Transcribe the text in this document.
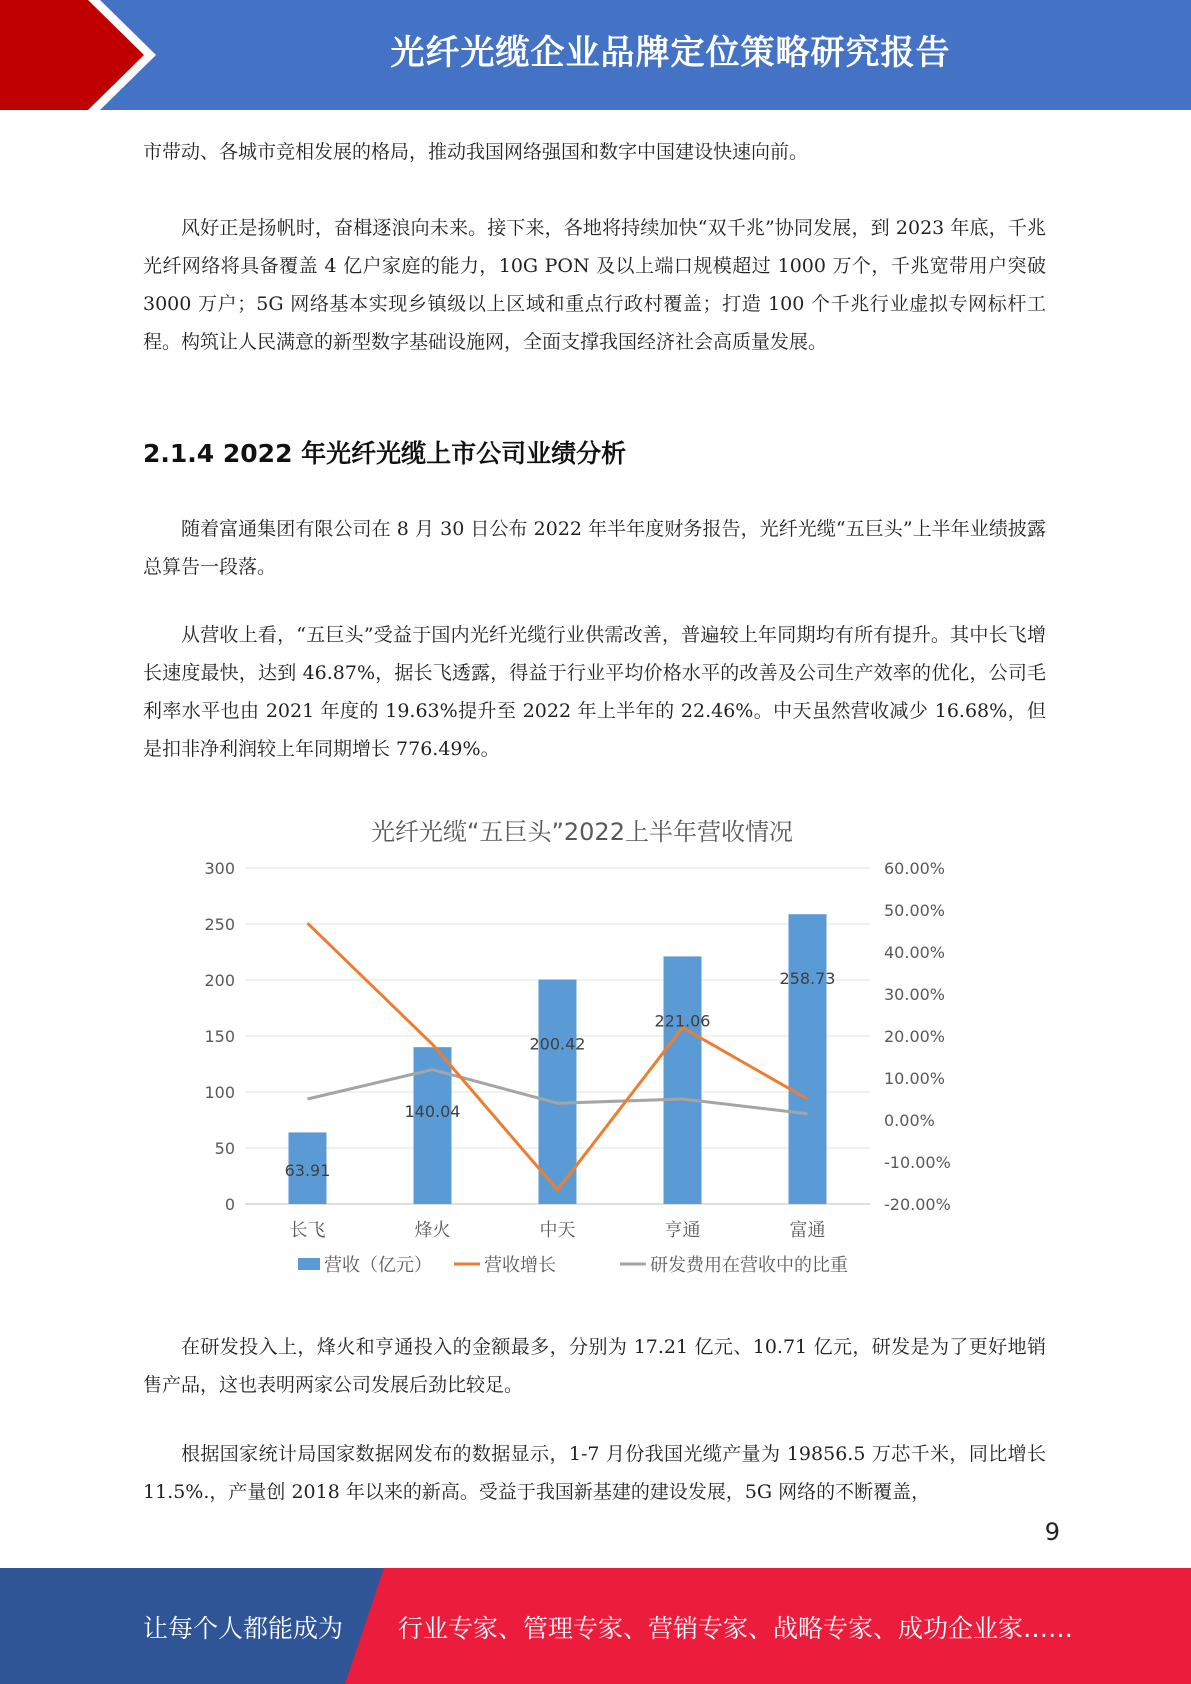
光纤光缆企业品牌定位策略研究报告

市带动、各城市竞相发展的格局，推动我国网络强国和数字中国建设快速向前。

风好正是扬帆时，奋楫逐浪向未来。接下来，各地将持续加快“双千兆”协同发展，到 2023 年底，千兆光纤网络将具备覆盖 4 亿户家庭的能力，10G PON 及以上端口规模超过 1000 万个，千兆宽带用户突破 3000 万户；5G 网络基本实现乡镇级以上区域和重点行政村覆盖；打造 100 个千兆行业虚拟专网标杆工程。构筑让人民满意的新型数字基础设施网，全面支撑我国经济社会高质量发展。

2.1.4 2022 年光纤光缆上市公司业绩分析

随着富通集团有限公司在 8 月 30 日公布 2022 年半年度财务报告，光纤光缆“五巨头”上半年业绩披露总算告一段落。

从营收上看，“五巨头”受益于国内光纤光缆行业供需改善，普遍较上年同期均有所有提升。其中长飞增长速度最快，达到 46.87%，据长飞透露，得益于行业平均价格水平的改善及公司生产效率的优化，公司毛利率水平也由 2021 年度的 19.63%提升至 2022 年上半年的 22.46%。中天虽然营收减少 16.68%，但是扣非净利润较上年同期增长 776.49%。

在研发投入上，烽火和亨通投入的金额最多，分别为 17.21 亿元、10.71 亿元，研发是为了更好地销售产品，这也表明两家公司发展后劲比较足。

根据国家统计局国家数据网发布的数据显示，1-7 月份我国光缆产量为 19856.5 万芯千米，同比增长 11.5%.，产量创 2018 年以来的新高。受益于我国新基建的建设发展，5G 网络的不断覆盖，

光纤光缆“五巨头”2022上半年营收情况
0
50
100
150
200
250
300
-20.00%
-10.00%
0.00%
10.00%
20.00%
30.00%
40.00%
50.00%
60.00%
63.91
140.04
200.42
221.06
258.73
长飞	烽火	中天	亨通	富通
营收（亿元）	营收增长	研发费用在营收中的比重
9
让每个人都能成为 行业专家、管理专家、营销专家、战略专家、成功企业家……
